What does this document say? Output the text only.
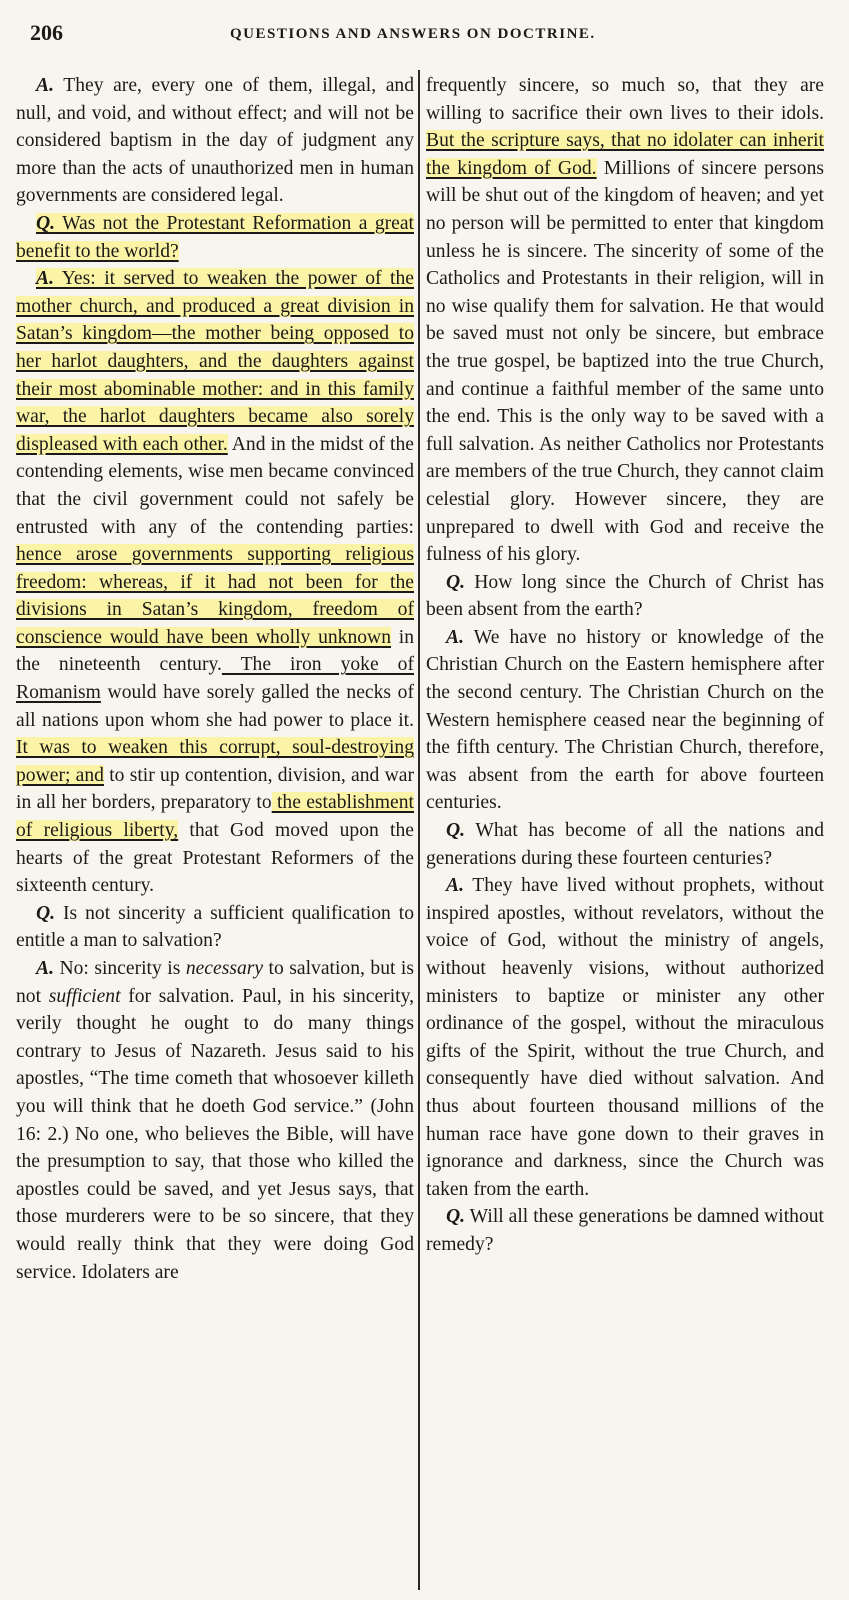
206	QUESTIONS AND ANSWERS ON DOCTRINE.

A. They are, every one of them, illegal, and null, and void, and without effect; and will not be considered baptism in the day of judgment any more than the acts of unauthorized men in human governments are considered legal.

Q. Was not the Protestant Reformation a great benefit to the world?

A. Yes: it served to weaken the power of the mother church, and produced a great division in Satan’s kingdom—the mother being opposed to her harlot daughters, and the daughters against their most abominable mother: and in this family war, the harlot daughters became also sorely displeased with each other. And in the midst of the contending elements, wise men became convinced that the civil government could not safely be entrusted with any of the contending parties: hence arose governments supporting religious freedom: whereas, if it had not been for the divisions in Satan’s kingdom, freedom of conscience would have been wholly unknown in the nineteenth century. The iron yoke of Romanism would have sorely galled the necks of all nations upon whom she had power to place it. It was to weaken this corrupt, soul-destroying power; and to stir up contention, division, and war in all her borders, preparatory to the establishment of religious liberty, that God moved upon the hearts of the great Protestant Reformers of the sixteenth century.

Q. Is not sincerity a sufficient qualification to entitle a man to salvation?

A. No: sincerity is necessary to salvation, but is not sufficient for salvation. Paul, in his sincerity, verily thought he ought to do many things contrary to Jesus of Nazareth. Jesus said to his apostles, “The time cometh that whosoever killeth you will think that he doeth God service.” (John 16: 2.) No one, who believes the Bible, will have the presumption to say, that those who killed the apostles could be saved, and yet Jesus says, that those murderers were to be so sincere, that they would really think that they were doing God service. Idolaters are

frequently sincere, so much so, that they are willing to sacrifice their own lives to their idols. But the scripture says, that no idolater can inherit the kingdom of God. Millions of sincere persons will be shut out of the kingdom of heaven; and yet no person will be permitted to enter that kingdom unless he is sincere. The sincerity of some of the Catholics and Protestants in their religion, will in no wise qualify them for salvation. He that would be saved must not only be sincere, but embrace the true gospel, be baptized into the true Church, and continue a faithful member of the same unto the end. This is the only way to be saved with a full salvation. As neither Catholics nor Protestants are members of the true Church, they cannot claim celestial glory. However sincere, they are unprepared to dwell with God and receive the fulness of his glory.

Q. How long since the Church of Christ has been absent from the earth?

A. We have no history or knowledge of the Christian Church on the Eastern hemisphere after the second century. The Christian Church on the Western hemisphere ceased near the beginning of the fifth century. The Christian Church, therefore, was absent from the earth for above fourteen centuries.

Q. What has become of all the nations and generations during these fourteen centuries?

A. They have lived without prophets, without inspired apostles, without revelators, without the voice of God, without the ministry of angels, without heavenly visions, without authorized ministers to baptize or minister any other ordinance of the gospel, without the miraculous gifts of the Spirit, without the true Church, and consequently have died without salvation. And thus about fourteen thousand millions of the human race have gone down to their graves in ignorance and darkness, since the Church was taken from the earth.

Q. Will all these generations be damned without remedy?
